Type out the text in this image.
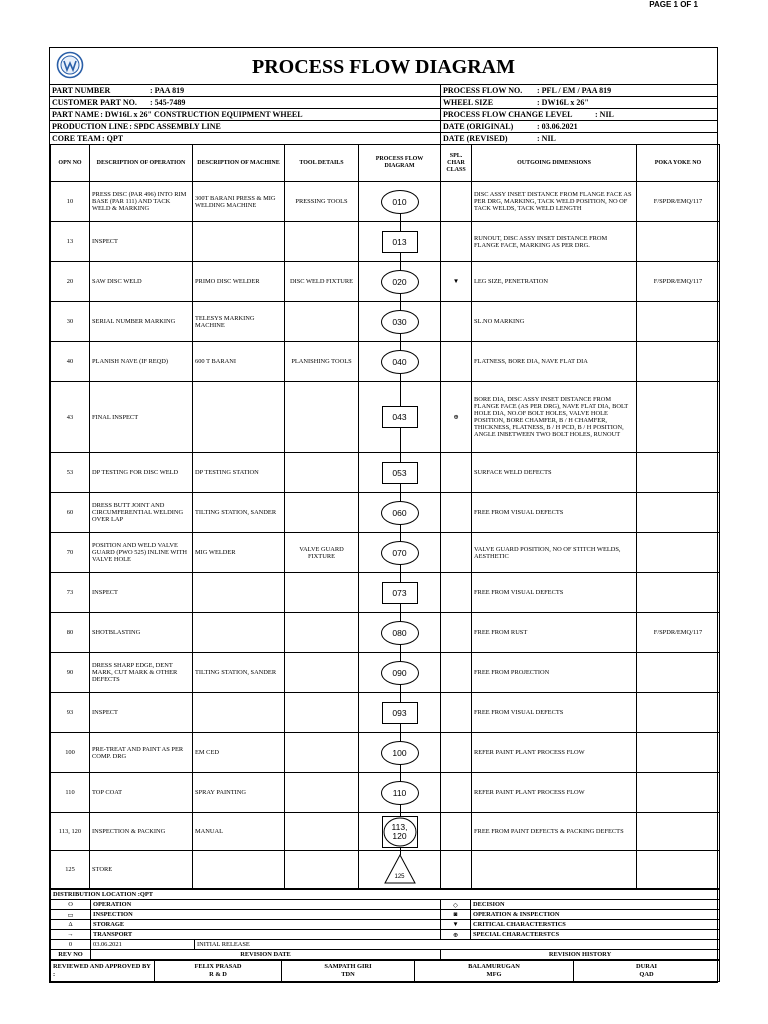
PAGE 1 OF 1
PROCESS FLOW DIAGRAM
PART NUMBER	: PAA 819
CUSTOMER PART NO. : 545-7489
PART NAME: DW16L x 26" CONSTRUCTION EQUIPMENT WHEEL
PRODUCTION LINE: SPDC ASSEMBLY LINE
CORE TEAM: QPT
PROCESS FLOW NO. : PFL / EM / PAA 819
WHEEL SIZE	: DW16L x 26"
PROCESS FLOW CHANGE LEVEL	: NIL
DATE (ORIGINAL)	: 03.06.2021
DATE (REVISED)	: NIL
OPN NO	DESCRIPTION OF OPERATION	DESCRIPTION OF MACHINE	TOOL DETAILS	PROCESS FLOW DIAGRAM	SPL. CHAR CLASS	OUTGOING DIMENSIONS	POKA YOKE NO
10	PRESS DISC (PAR 496) INTO RIM BASE (PAR 111) AND TACK WELD & MARKING	300T BARANI PRESS & MIG WELDING MACHINE	PRESSING TOOLS	010		DISC ASSY INSET DISTANCE FROM FLANGE FACE AS PER DRG, MARKING, TACK WELD POSITION, NO OF TACK WELDS, TACK WELD LENGTH	F/SPDR/EMQ/117
13	INSPECT			013		RUNOUT, DISC ASSY INSET DISTANCE FROM FLANGE FACE, MARKING AS PER DRG.	
20	SAW DISC WELD	PRIMO DISC WELDER	DISC WELD FIXTURE	020	▼	LEG SIZE, PENETRATION	F/SPDR/EMQ/117
30	SERIAL NUMBER MARKING	TELESYS MARKING MACHINE		030		SL.NO MARKING	
40	PLANISH NAVE (IF REQD)	600 T BARANI	PLANISHING TOOLS	040		FLATNESS, BORE DIA, NAVE FLAT DIA	
43	FINAL INSPECT			043	⊕	BORE DIA, DISC ASSY INSET DISTANCE FROM FLANGE FACE (AS PER DRG), NAVE FLAT DIA, BOLT HOLE DIA, NO.OF BOLT HOLES, VALVE HOLE POSITION, BORE CHAMFER, B / H CHAMFER, THICKNESS, FLATNESS, B / H PCD, B / H POSITION, ANGLE INBETWEEN TWO BOLT HOLES, RUNOUT	
53	DP TESTING FOR DISC WELD	DP TESTING STATION		053		SURFACE WELD DEFECTS	
60	DRESS BUTT JOINT AND CIRCUMFERENTIAL WELDING OVER LAP	TILTING STATION, SANDER		060		FREE FROM VISUAL DEFECTS	
70	POSITION AND WELD VALVE GUARD (PWO 525) INLINE WITH VALVE HOLE	MIG WELDER	VALVE GUARD FIXTURE	070		VALVE GUARD POSITION, NO OF STITCH WELDS, AESTHETIC	
73	INSPECT			073		FREE FROM VISUAL DEFECTS	
80	SHOTBLASTING			080		FREE FROM RUST	F/SPDR/EMQ/117
90	DRESS SHARP EDGE, DENT MARK, CUT MARK & OTHER DEFECTS	TILTING STATION, SANDER		090		FREE FROM PROJECTION	
93	INSPECT			093		FREE FROM VISUAL DEFECTS	
100	PRE-TREAT AND PAINT AS PER COMP. DRG	EM CED		100		REFER PAINT PLANT PROCESS FLOW	
110	TOP COAT	SPRAY PAINTING		110		REFER PAINT PLANT PROCESS FLOW	
113, 120	INSPECTION & PACKING	MANUAL		113, 120		FREE FROM PAINT DEFECTS & PACKING DEFECTS	
125	STORE			125			

DISTRIBUTION LOCATION :QPT				
O	OPERATION		◇	DECISION
▭	INSPECTION		◙	OPERATION & INSPECTION
Δ	STORAGE		▼	CRITICAL CHARACTERSTICS
→	TRANSPORT		⊕	SPECIAL CHARACTERSTCS
0	03.06.2021	INITIAL RELEASE		
REV NO	REVISION DATE		REVISION HISTORY	
REVIEWED AND APPROVED BY :	
FELIX PRASAD
R & D

SAMPATH GIRI
TDN

BALAMURUGAN
MFG

DURAI
QAD
